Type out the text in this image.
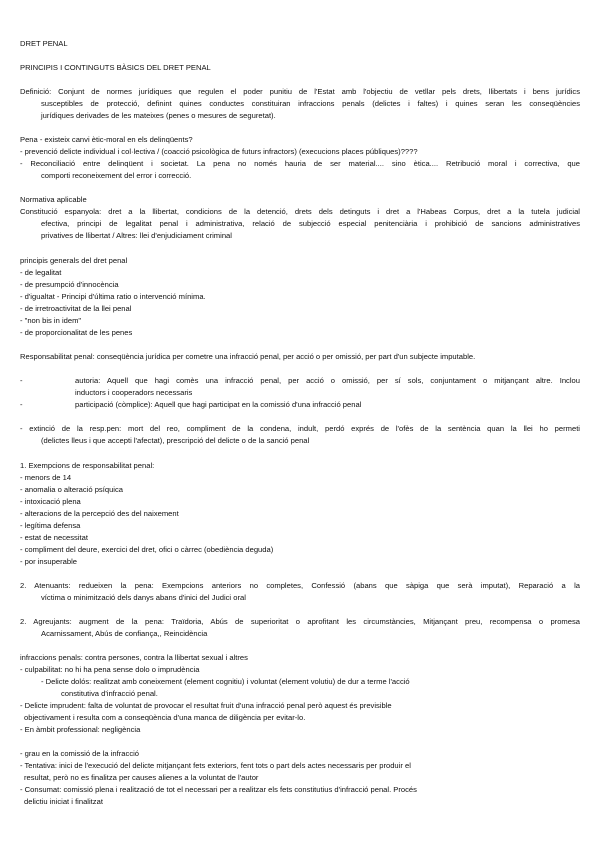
DRET PENAL
PRINCIPIS I CONTINGUTS BÀSICS DEL DRET PENAL
Definició: Conjunt de normes jurídiques que regulen el poder punitiu de l'Estat amb l'objectiu de vetllar pels drets, llibertats i bens jurídics
susceptibles de protecció, definint quines conductes constituiran infraccions penals (delictes i faltes) i quines seran les conseqüències
jurídiques derivades de les mateixes (penes o mesures de seguretat).
Pena - existeix canvi ètic-moral en els delinqüents?
- prevenció delicte individual i col·lectiva / (coacció psicològica de futurs infractors) (execucions places públiques)????
- Reconciliació entre delinqüent i societat. La pena no només hauria de ser material.... sino ètica.... Retribució moral i correctiva, que
comporti reconeixement del error i correcció.
Normativa aplicable
Constitució espanyola: dret a la llibertat, condicions de la detenció, drets dels detinguts i dret a l'Habeas Corpus, dret a la tutela judicial
efectiva, principi de legalitat penal i administrativa, relació de subjecció especial penitenciària i prohibició de sancions administratives
privatives de llibertat / Altres: llei d'enjudiciament criminal
principis generals del dret penal
- de legalitat
- de presumpció d'innocència
- d'igualtat - Principi d'última ratio o intervenció mínima.
- de irretroactivitat de la llei penal
- "non bis in idem"
- de proporcionalitat de les penes
Responsabilitat penal: conseqüència jurídica per cometre una infracció penal, per acció o per omissió, per part d'un subjecte imputable.
-	autoria: Aquell que hagi comès una infracció penal, per acció o omissió, per sí sols, conjuntament o mitjançant altre. Inclou
inductors i cooperadors necessaris
-	participació (còmplice): Aquell que hagi participat en la comissió d'una infracció penal
- extinció de la resp.pen: mort del reo, compliment de la condena, indult, perdó exprés de l'ofès de la sentència quan la llei ho permeti
(delictes lleus i que accepti l'afectat), prescripció del delicte o de la sanció penal
1. Exempcions de responsabilitat penal:
- menors de 14
- anomalia o alteració psíquica
- intoxicació plena
- alteracions de la percepció des del naixement
- legítima defensa
- estat de necessitat
- compliment del deure, exercici del dret, ofici o càrrec (obediència deguda)
- por insuperable
2. Atenuants: redueixen la pena: Exempcions anteriors no completes, Confessió (abans que sàpiga que serà imputat), Reparació a la
víctima o minimització dels danys abans d'inici del Judici oral
2. Agreujants: augment de la pena: Traïdoria, Abús de superioritat o aprofitant les circumstàncies, Mitjançant preu, recompensa o promesa
Acarnissament, Abús de confiança,, Reincidència
infraccions penals: contra persones, contra la llibertat sexual i altres
- culpabilitat: no hi ha pena sense dolo o imprudència
- Delicte dolós: realitzat amb coneixement (element cognitiu) i voluntat (element volutiu) de dur a terme l'acció
constitutiva d'infracció penal.
- Delicte imprudent: falta de voluntat de provocar el resultat fruit d'una infracció penal però aquest és previsible
objectivament i resulta com a conseqüència d'una manca de diligència per evitar-lo.
- En àmbit professional: negligència
- grau en la comissió de la infracció
- Tentativa: inici de l'execució del delicte mitjançant fets exteriors, fent tots o part dels actes necessaris per produir el
resultat, però no es finalitza per causes alienes a la voluntat de l'autor
- Consumat: comissió plena i realització de tot el necessari per a realitzar els fets constitutius d'infracció penal. Procés
delictiu iniciat i finalitzat
